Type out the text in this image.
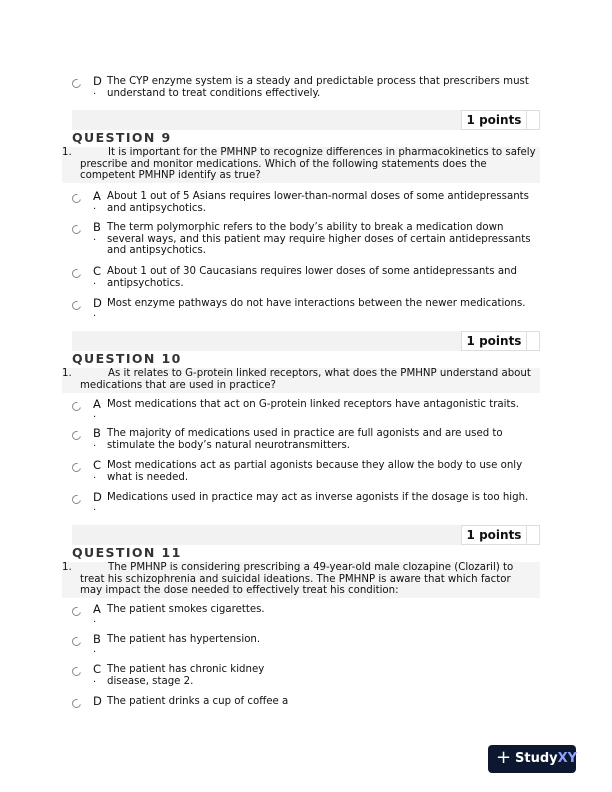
D
.
The CYP enzyme system is a steady and predictable process that prescribers must understand to treat conditions effectively.
1 points
QUESTION 9
1.	It is important for the PMHNP to recognize differences in pharmacokinetics to safely prescribe and monitor medications. Which of the following statements does the competent PMHNP identify as true?
A
.
About 1 out of 5 Asians requires lower-than-normal doses of some antidepressants and antipsychotics.
B
.
The term polymorphic refers to the body’s ability to break a medication down several ways, and this patient may require higher doses of certain antidepressants and antipsychotics.
C
.
About 1 out of 30 Caucasians requires lower doses of some antidepressants and antipsychotics.
D
.
Most enzyme pathways do not have interactions between the newer medications.
1 points
QUESTION 10
1.	As it relates to G-protein linked receptors, what does the PMHNP understand about medications that are used in practice?
A
.
Most medications that act on G-protein linked receptors have antagonistic traits.
B
.
The majority of medications used in practice are full agonists and are used to stimulate the body’s natural neurotransmitters.
C
.
Most medications act as partial agonists because they allow the body to use only what is needed.
D
.
Medications used in practice may act as inverse agonists if the dosage is too high.
1 points
QUESTION 11
1.	The PMHNP is considering prescribing a 49-year-old male clozapine (Clozaril) to treat his schizophrenia and suicidal ideations. The PMHNP is aware that which factor may impact the dose needed to effectively treat his condition:
A
.
The patient smokes cigarettes.
B
.
The patient has hypertension.
C
.
The patient has chronic kidney disease, stage 2.
D The patient drinks a cup of coffee a
+ StudyXY
